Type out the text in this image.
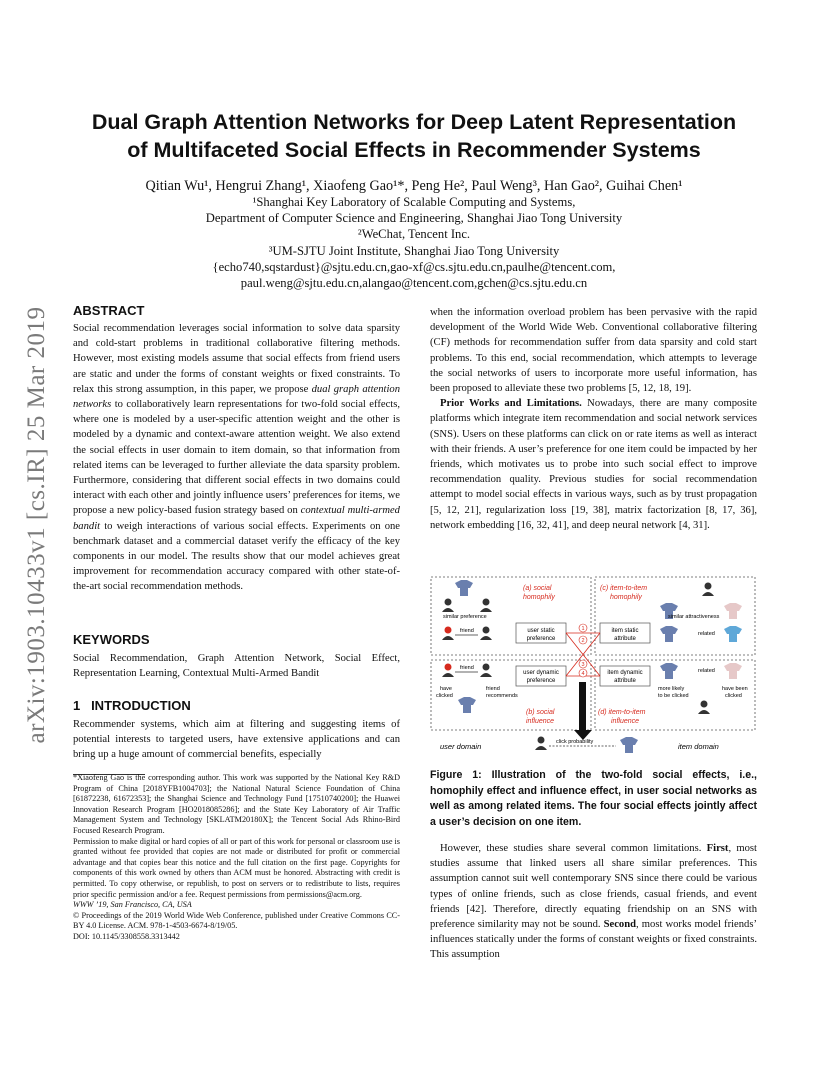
arXiv:1903.10433v1 [cs.IR] 25 Mar 2019
Dual Graph Attention Networks for Deep Latent Representation
of Multifaceted Social Effects in Recommender Systems
Qitian Wu¹, Hengrui Zhang¹, Xiaofeng Gao¹*, Peng He², Paul Weng³, Han Gao², Guihai Chen¹
¹Shanghai Key Laboratory of Scalable Computing and Systems,
Department of Computer Science and Engineering, Shanghai Jiao Tong University
²WeChat, Tencent Inc.
³UM-SJTU Joint Institute, Shanghai Jiao Tong University
{echo740,sqstardust}@sjtu.edu.cn,gao-xf@cs.sjtu.edu.cn,paulhe@tencent.com,
paul.weng@sjtu.edu.cn,alangao@tencent.com,gchen@cs.sjtu.edu.cn
ABSTRACT

Social recommendation leverages social information to solve data sparsity and cold-start problems in traditional collaborative filtering methods. However, most existing models assume that social effects from friend users are static and under the forms of constant weights or fixed constraints. To relax this strong assumption, in this paper, we propose dual graph attention networks to collaboratively learn representations for two-fold social effects, where one is modeled by a user-specific attention weight and the other is modeled by a dynamic and context-aware attention weight. We also extend the social effects in user domain to item domain, so that information from related items can be leveraged to further alleviate the data sparsity problem. Furthermore, considering that different social effects in two domains could interact with each other and jointly influence users’ preferences for items, we propose a new policy-based fusion strategy based on contextual multi-armed bandit to weigh interactions of various social effects. Experiments on one benchmark dataset and a commercial dataset verify the efficacy of the key components in our model. The results show that our model achieves great improvement for recommendation accuracy compared with other state-of-the-art social recommendation methods.

KEYWORDS

Social Recommendation, Graph Attention Network, Social Effect, Representation Learning, Contextual Multi-Armed Bandit

1   INTRODUCTION

Recommender systems, which aim at filtering and suggesting items of potential interests to targeted users, have extensive applications and can bring up a huge amount of commercial benefits, especially

*Xiaofeng Gao is the corresponding author. This work was supported by the National Key R&D Program of China [2018YFB1004703]; the National Natural Science Foundation of China [61872238, 61672353]; the Shanghai Science and Technology Fund [17510740200]; the Huawei Innovation Research Program [HO2018085286]; and the State Key Laboratory of Air Traffic Management System and Technology [SKLATM20180X]; the Tencent Social Ads Rhino-Bird Focused Research Program.

Permission to make digital or hard copies of all or part of this work for personal or classroom use is granted without fee provided that copies are not made or distributed for profit or commercial advantage and that copies bear this notice and the full citation on the first page. Copyrights for components of this work owned by others than ACM must be honored. Abstracting with credit is permitted. To copy otherwise, or republish, to post on servers or to redistribute to lists, requires prior specific permission and/or a fee. Request permissions from permissions@acm.org.

WWW ’19, San Francisco, CA, USA

© Proceedings of the 2019 World Wide Web Conference, published under Creative Commons CC-BY 4.0 License. ACM. 978-1-4503-6674-8/19/05.

DOI: 10.1145/3308558.3313442

when the information overload problem has been pervasive with the rapid development of the World Wide Web. Conventional collaborative filtering (CF) methods for recommendation suffer from data sparsity and cold start problems. To this end, social recommendation, which attempts to leverage the social networks of users to incorporate more useful information, has been proposed to alleviate these two problems [5, 12, 18, 19].

Prior Works and Limitations. Nowadays, there are many composite platforms which integrate item recommendation and social network services (SNS). Users on these platforms can click on or rate items as well as interact with their friends. A user’s preference for one item could be impacted by her friends, which motivates us to probe into such social effect to improve recommendation quality. Previous studies for social recommendation attempt to model social effects in various ways, such as by trust propagation [5, 12, 21], regularization loss [19, 38], matrix factorization [8, 17, 36], network embedding [16, 32, 41], and deep neural network [4, 31].

(a) social
homophily
(c) item-to-item
homophily
(b) social
influence
(d) item-to-item
influence
similar preference
friend	user static
preference
user dynamic
preference
item static
attribute
item dynamic
attribute
1
2
3
4
friend
have
clicked
friend
recommends
similar attractiveness
related
related
more likely
to be clicked
have been
clicked
user domain	item domain
click probability

Figure 1: Illustration of the two-fold social effects, i.e., homophily effect and influence effect, in user social networks as well as among related items. The four social effects jointly affect a user’s decision on one item.

However, these studies share several common limitations. First, most studies assume that linked users all share similar preferences. This assumption cannot suit well contemporary SNS since there could be various types of online friends, such as close friends, casual friends, and event friends [42]. Therefore, directly equating friendship on an SNS with preference similarity may not be sound. Second, most works model friends’ influences statically under the forms of constant weights or fixed constraints. This assumption
